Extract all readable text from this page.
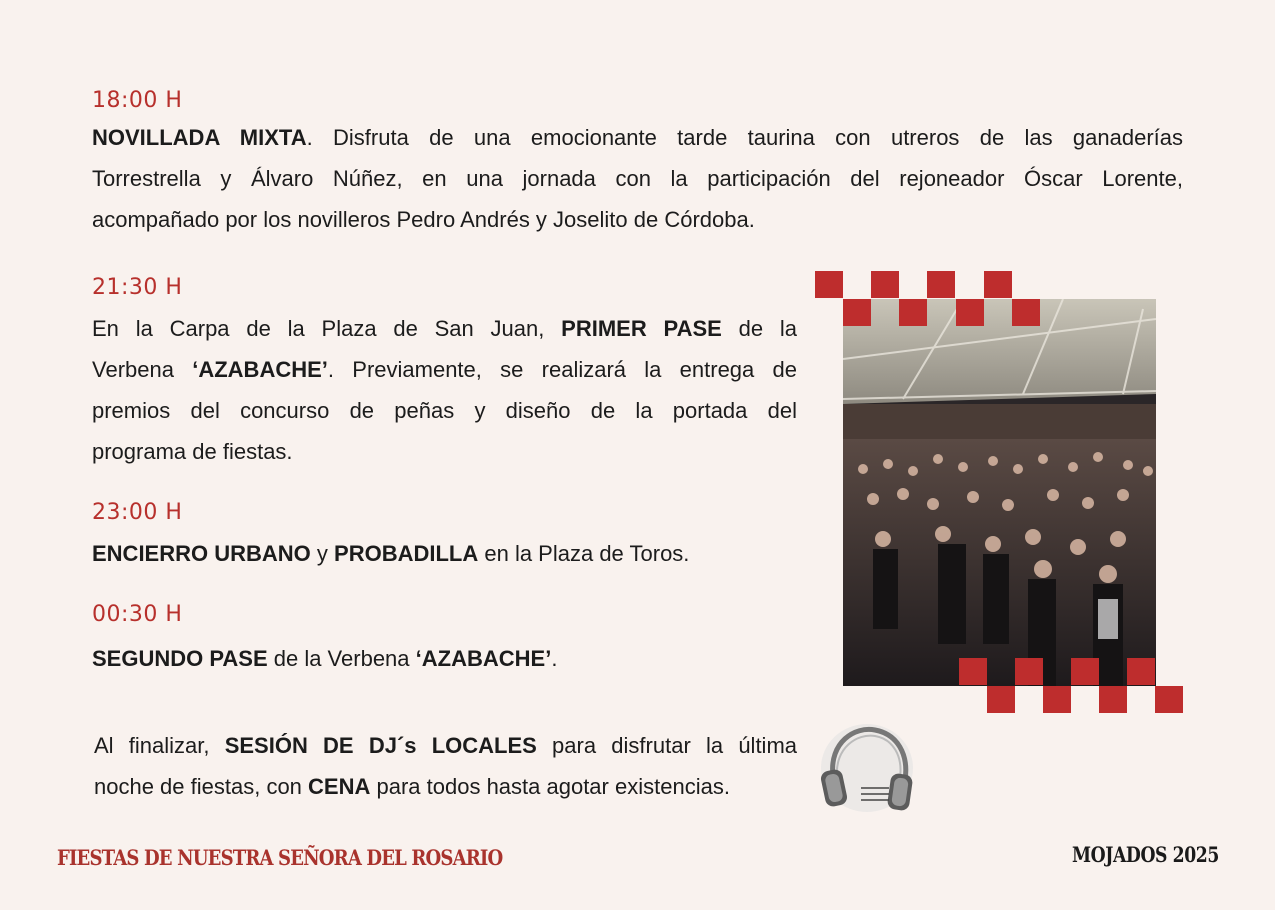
18:00 H
NOVILLADA MIXTA. Disfruta de una emocionante tarde taurina con utreros de las ganaderías
Torrestrella y Álvaro Núñez, en una jornada con la participación del rejoneador Óscar Lorente,
acompañado por los novilleros Pedro Andrés y Joselito de Córdoba.
21:30 H
En la Carpa de la Plaza de San Juan, PRIMER PASE de la
Verbena ‘AZABACHE’. Previamente, se realizará la entrega de
premios del concurso de peñas y diseño de la portada del
programa de fiestas.
23:00 H
ENCIERRO URBANO y PROBADILLA en la Plaza de Toros.
00:30 H
SEGUNDO PASE de la Verbena ‘AZABACHE’.
Al finalizar, SESIÓN DE DJ´s LOCALES para disfrutar la última
noche de fiestas, con CENA para todos hasta agotar existencias.
FIESTAS DE NUESTRA SEÑORA DEL ROSARIO	MOJADOS 2025
